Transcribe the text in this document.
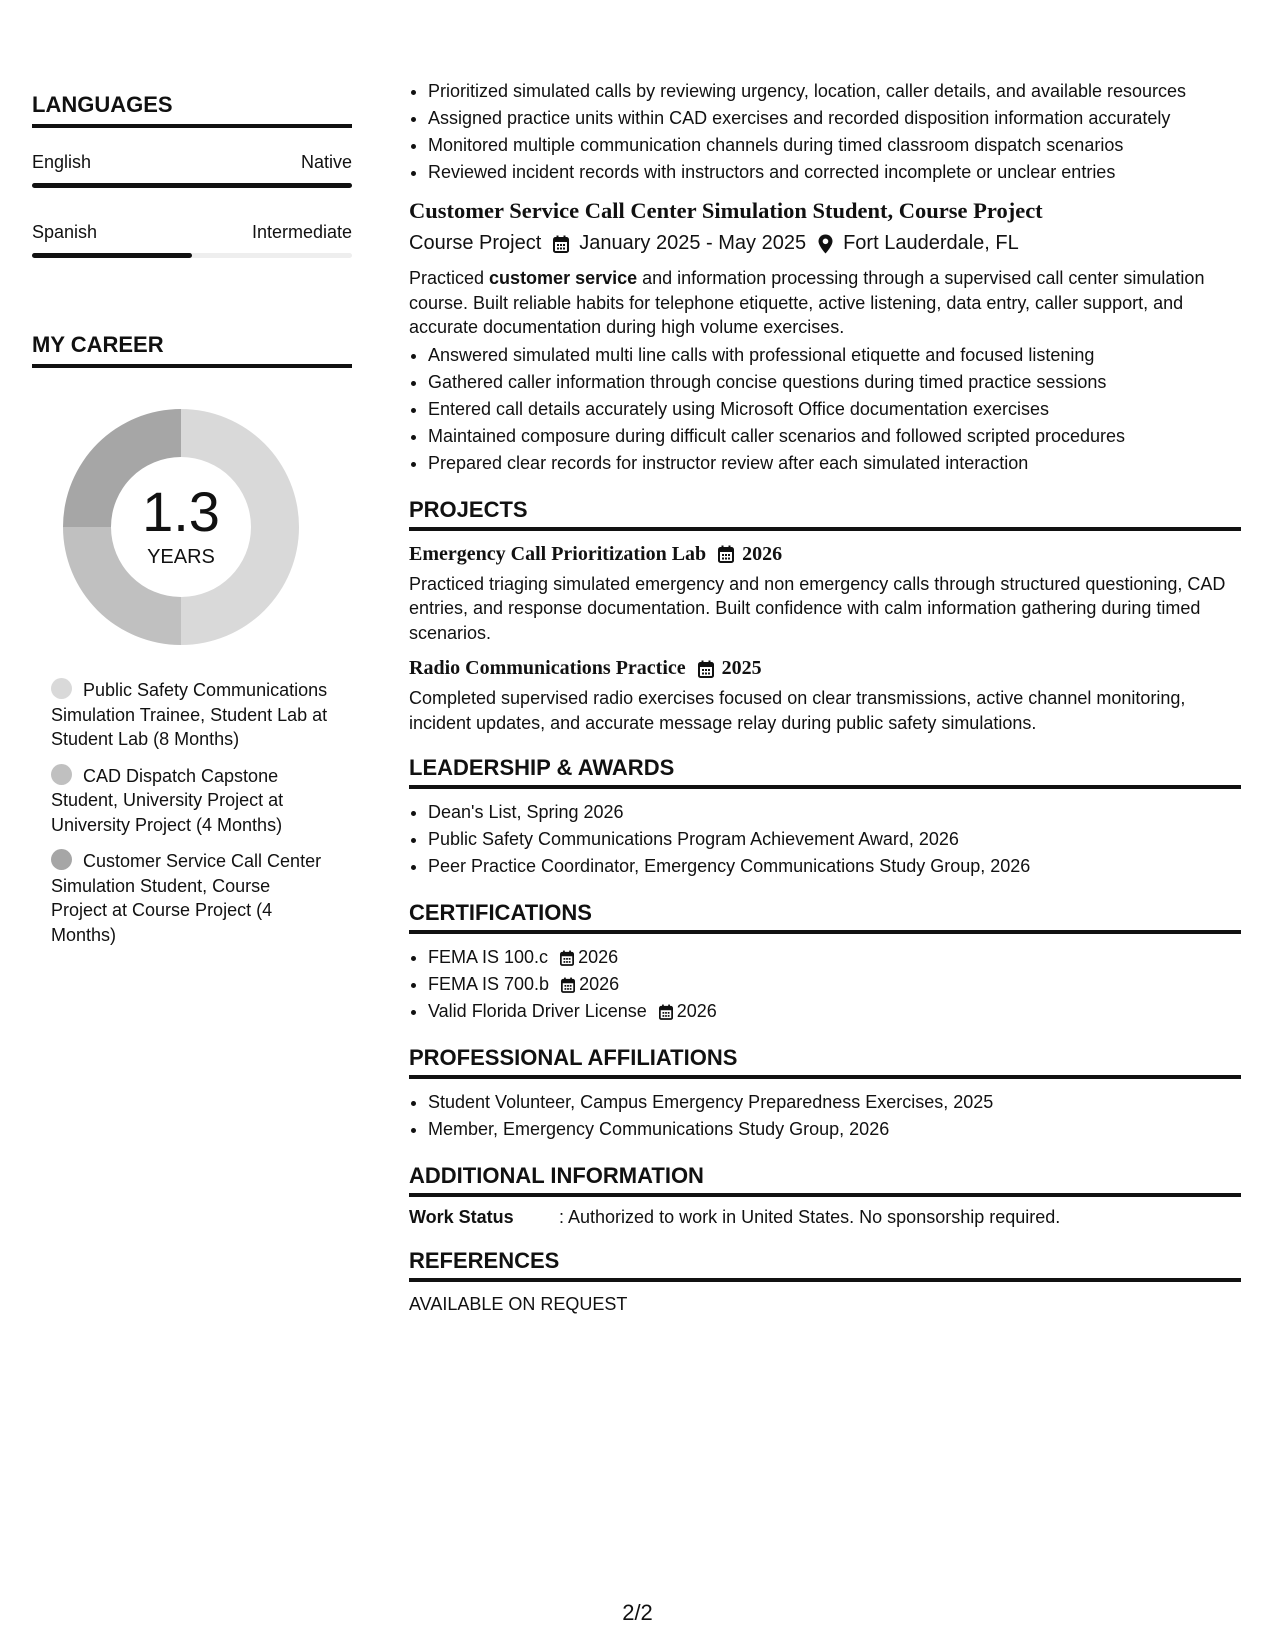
LANGUAGES
English	Native
Spanish	Intermediate
MY CAREER
1.3
YEARS
Public Safety Communications Simulation Trainee, Student Lab at Student Lab (8 Months)
CAD Dispatch Capstone Student, University Project at University Project (4 Months)
Customer Service Call Center Simulation Student, Course Project at Course Project (4 Months)
• Prioritized simulated calls by reviewing urgency, location, caller details, and available resources
• Assigned practice units within CAD exercises and recorded disposition information accurately
• Monitored multiple communication channels during timed classroom dispatch scenarios
• Reviewed incident records with instructors and corrected incomplete or unclear entries
Customer Service Call Center Simulation Student, Course Project
Course Project January 2025 - May 2025 Fort Lauderdale, FL
Practiced customer service and information processing through a supervised call center simulation course. Built reliable habits for telephone etiquette, active listening, data entry, caller support, and accurate documentation during high volume exercises.
• Answered simulated multi line calls with professional etiquette and focused listening
• Gathered caller information through concise questions during timed practice sessions
• Entered call details accurately using Microsoft Office documentation exercises
• Maintained composure during difficult caller scenarios and followed scripted procedures
• Prepared clear records for instructor review after each simulated interaction
PROJECTS
Emergency Call Prioritization Lab 2026
Practiced triaging simulated emergency and non emergency calls through structured questioning, CAD entries, and response documentation. Built confidence with calm information gathering during timed scenarios.
Radio Communications Practice 2025
Completed supervised radio exercises focused on clear transmissions, active channel monitoring, incident updates, and accurate message relay during public safety simulations.
LEADERSHIP & AWARDS
• Dean's List, Spring 2026
• Public Safety Communications Program Achievement Award, 2026
• Peer Practice Coordinator, Emergency Communications Study Group, 2026
CERTIFICATIONS
• FEMA IS 100.c 2026
• FEMA IS 700.b 2026
• Valid Florida Driver License 2026
PROFESSIONAL AFFILIATIONS
• Student Volunteer, Campus Emergency Preparedness Exercises, 2025
• Member, Emergency Communications Study Group, 2026
ADDITIONAL INFORMATION
Work Status	: Authorized to work in United States. No sponsorship required.
REFERENCES
AVAILABLE ON REQUEST
2/2
